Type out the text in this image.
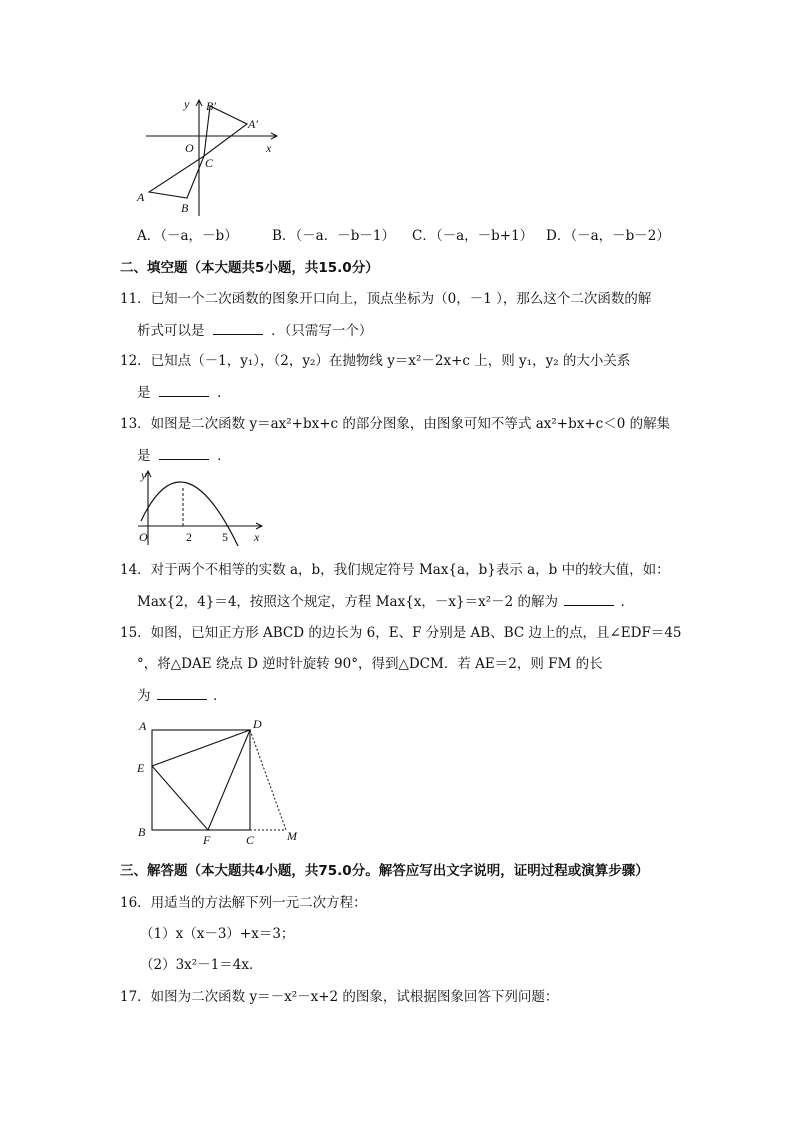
y B′
A′
O
C
x
A
B
A．（－a，－b）	B．（－a．－b－1） C．（－a，－b+1） D．（－a，－b－2）
二、填空题（本大题共5小题，共15.0分）
11．已知一个二次函数的图象开口向上，顶点坐标为（0，－1 ），那么这个二次函数的解
析式可以是	．（只需写一个）
12．已知点（－1，y₁），（2，y₂）在抛物线 y＝x²－2x+c 上，则 y₁，y₂ 的大小关系
是	．
13．如图是二次函数 y＝ax²+bx+c 的部分图象，由图象可知不等式 ax²+bx+c＜0 的解集
是	．
y
O	2	5 x
14．对于两个不相等的实数 a，b，我们规定符号 Max{a，b}表示 a，b 中的较大值，如：
Max{2，4}＝4，按照这个规定，方程 Max{x，－x}＝x²－2 的解为	．
15．如图，已知正方形 ABCD 的边长为 6，E、F 分别是 AB、BC 边上的点，且∠EDF＝45
°，将△DAE 绕点 D 逆时针旋转 90°，得到△DCM．若 AE＝2，则 FM 的长
为	．
A	D
E
B
F	C	M
三、解答题（本大题共4小题，共75.0分。解答应写出文字说明，证明过程或演算步骤）
16．用适当的方法解下列一元二次方程：
（1）x（x－3）+x＝3；
（2）3x²－1＝4x．
17．如图为二次函数 y＝－x²－x+2 的图象，试根据图象回答下列问题：
